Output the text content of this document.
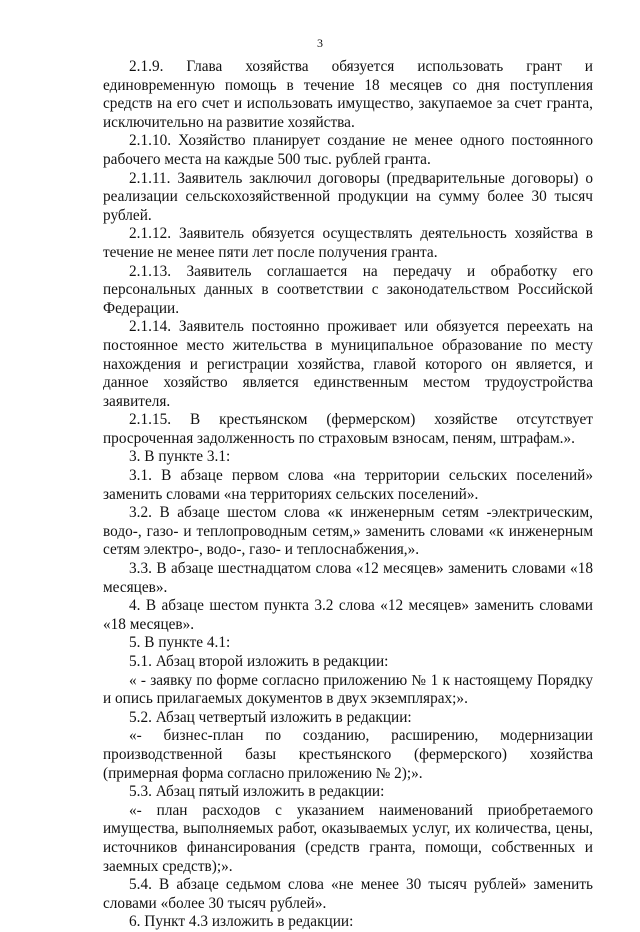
3

2.1.9. Глава хозяйства обязуется использовать грант и единовременную помощь в течение 18 месяцев со дня поступления средств на его счет и использовать имущество, закупаемое за счет гранта, исключительно на развитие хозяйства.

2.1.10. Хозяйство планирует создание не менее одного постоянного рабочего места на каждые 500 тыс. рублей гранта.

2.1.11. Заявитель заключил договоры (предварительные договоры) о реализации сельскохозяйственной продукции на сумму более 30 тысяч рублей.

2.1.12. Заявитель обязуется осуществлять деятельность хозяйства в течение не менее пяти лет после получения гранта.

2.1.13. Заявитель соглашается на передачу и обработку его персональных данных в соответствии с законодательством Российской Федерации.

2.1.14. Заявитель постоянно проживает или обязуется переехать на постоянное место жительства в муниципальное образование по месту нахождения и регистрации хозяйства, главой которого он является, и данное хозяйство является единственным местом трудоустройства заявителя.

2.1.15. В крестьянском (фермерском) хозяйстве отсутствует просроченная задолженность по страховым взносам, пеням, штрафам.».

3. В пункте 3.1:

3.1. В абзаце первом слова «на территории сельских поселений» заменить словами «на территориях сельских поселений».

3.2. В абзаце шестом слова «к инженерным сетям -электрическим, водо-, газо- и теплопроводным сетям,» заменить словами «к инженерным сетям электро-, водо-, газо- и теплоснабжения,».

3.3. В абзаце шестнадцатом слова «12 месяцев» заменить словами «18 месяцев».

4. В абзаце шестом пункта 3.2 слова «12 месяцев» заменить словами «18 месяцев».

5. В пункте 4.1:

5.1. Абзац второй изложить в редакции:

« - заявку по форме согласно приложению № 1 к настоящему Порядку и опись прилагаемых документов в двух экземплярах;».

5.2. Абзац четвертый изложить в редакции:

«- бизнес-план по созданию, расширению, модернизации производственной базы крестьянского (фермерского) хозяйства (примерная форма согласно приложению № 2);».

5.3. Абзац пятый изложить в редакции:

«- план расходов с указанием наименований приобретаемого имущества, выполняемых работ, оказываемых услуг, их количества, цены, источников финансирования (средств гранта, помощи, собственных и заемных средств);».

5.4. В абзаце седьмом слова «не менее 30 тысяч рублей» заменить словами «более 30 тысяч рублей».

6. Пункт 4.3 изложить в редакции:
